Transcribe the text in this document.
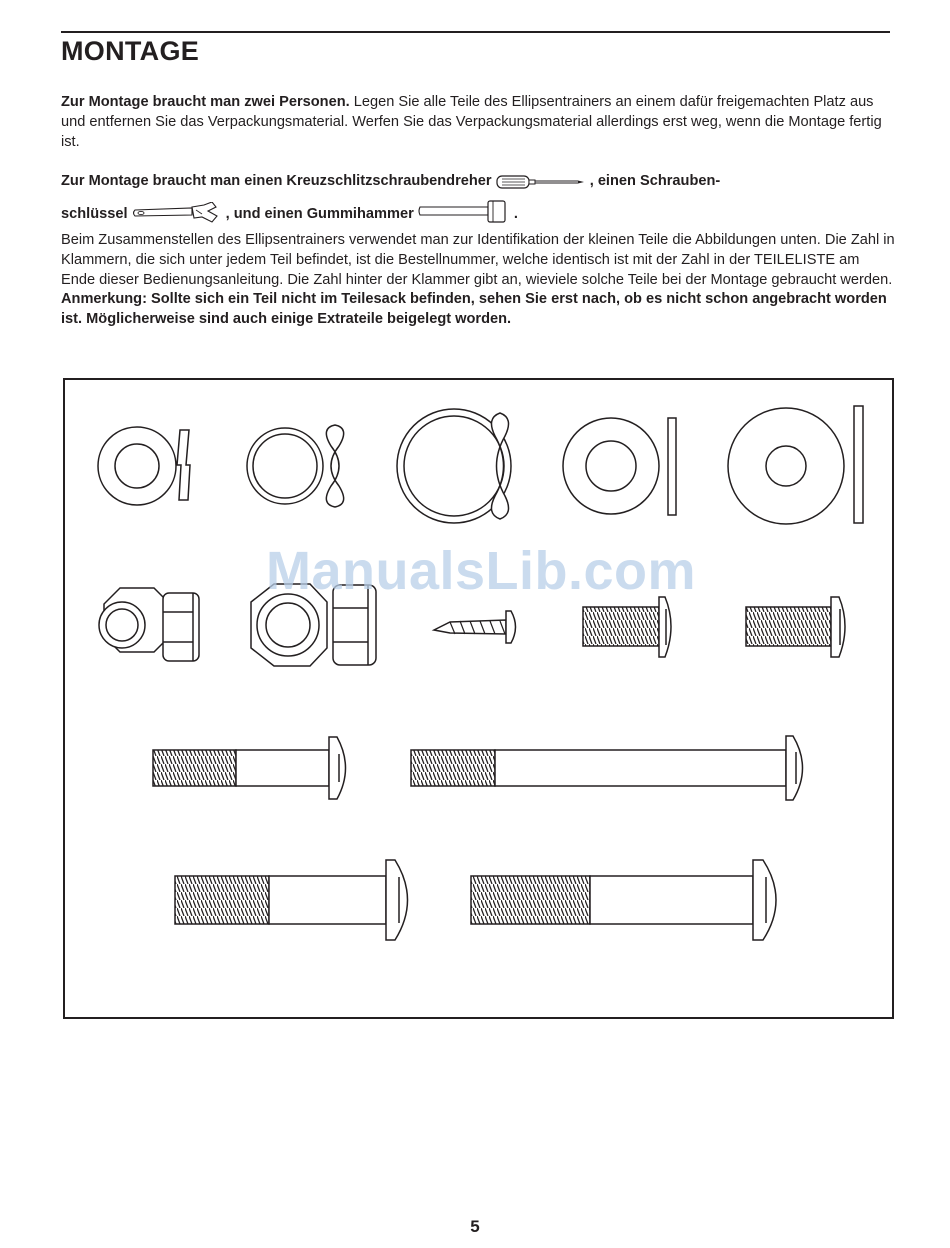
MONTAGE

Zur Montage braucht man zwei Personen. Legen Sie alle Teile des Ellipsentrainers an einem dafür freigemachten Platz aus und entfernen Sie das Verpackungsmaterial. Werfen Sie das Verpackungsmaterial allerdings erst weg, wenn die Montage fertig ist.

Zur Montage braucht man einen Kreuzschlitzschraubendreher	, einen Schrauben-
schlüssel	, und einen Gummihammer	.

Beim Zusammenstellen des Ellipsentrainers verwendet man zur Identifikation der kleinen Teile die Abbildungen unten. Die Zahl in Klammern, die sich unter jedem Teil befindet, ist die Bestellnummer, welche identisch ist mit der Zahl in der TEILELISTE am Ende dieser Bedienungsanleitung. Die Zahl hinter der Klammer gibt an, wieviele solche Teile bei der Montage gebraucht werden. Anmerkung: Sollte sich ein Teil nicht im Teilesack befinden, sehen Sie erst nach, ob es nicht schon angebracht worden ist. Möglicherweise sind auch einige Extrateile beigelegt worden.

ManualsLib.com
5
